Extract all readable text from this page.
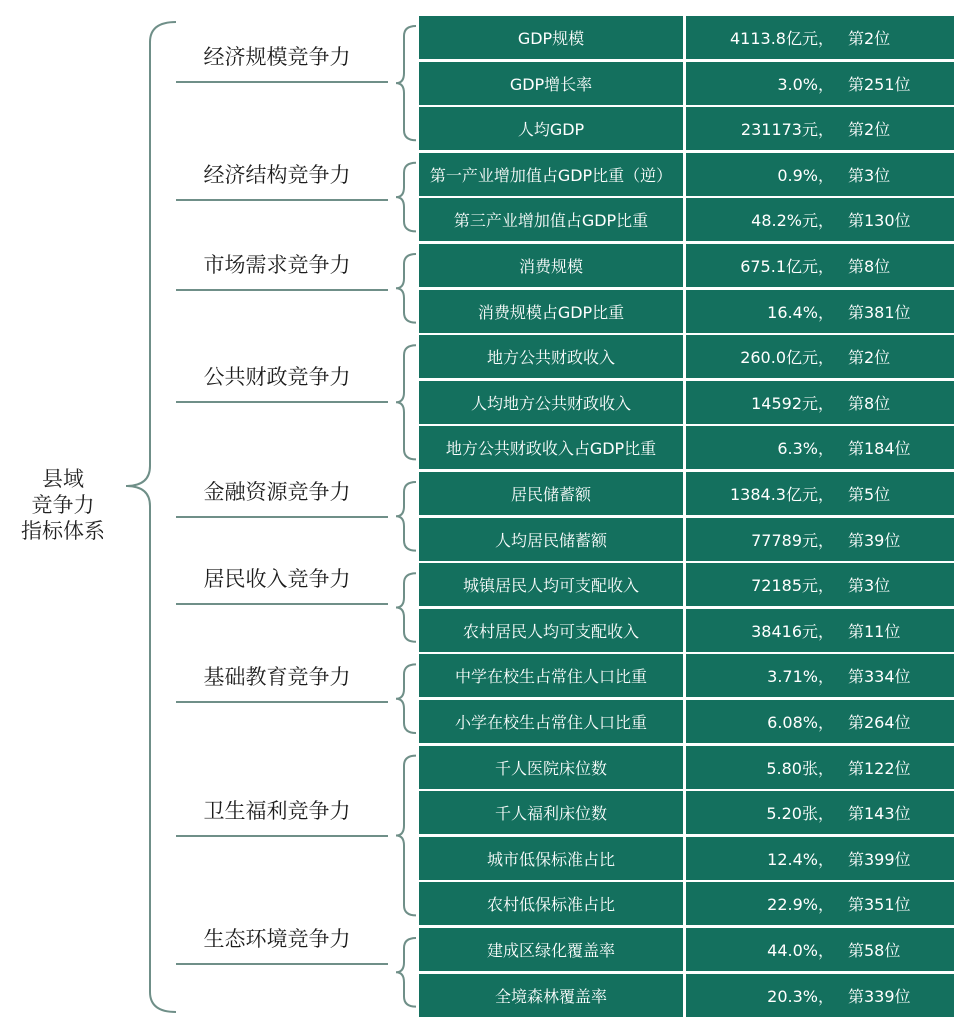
县域
竞争力
指标体系
经济规模竞争力
GDP规模	4113.8亿元， 第2位
GDP增长率	3.0%， 第251位
人均GDP	231173元， 第2位
经济结构竞争力	第一产业增加值占GDP比重（逆）	0.9%， 第3位
第三产业增加值占GDP比重	48.2%元， 第130位
市场需求竞争力	消费规模	675.1亿元， 第8位
消费规模占GDP比重	16.4%， 第381位
公共财政竞争力
地方公共财政收入	260.0亿元， 第2位
人均地方公共财政收入	14592元， 第8位
地方公共财政收入占GDP比重	6.3%， 第184位
金融资源竞争力	居民储蓄额	1384.3亿元， 第5位
人均居民储蓄额	77789元， 第39位
居民收入竞争力	城镇居民人均可支配收入	72185元， 第3位
农村居民人均可支配收入	38416元， 第11位
基础教育竞争力	中学在校生占常住人口比重	3.71%， 第334位
小学在校生占常住人口比重	6.08%， 第264位
卫生福利竞争力
千人医院床位数	5.80张， 第122位
千人福利床位数	5.20张， 第143位
城市低保标准占比	12.4%， 第399位
农村低保标准占比	22.9%， 第351位
生态环境竞争力	建成区绿化覆盖率	44.0%， 第58位
全境森林覆盖率	20.3%， 第339位
